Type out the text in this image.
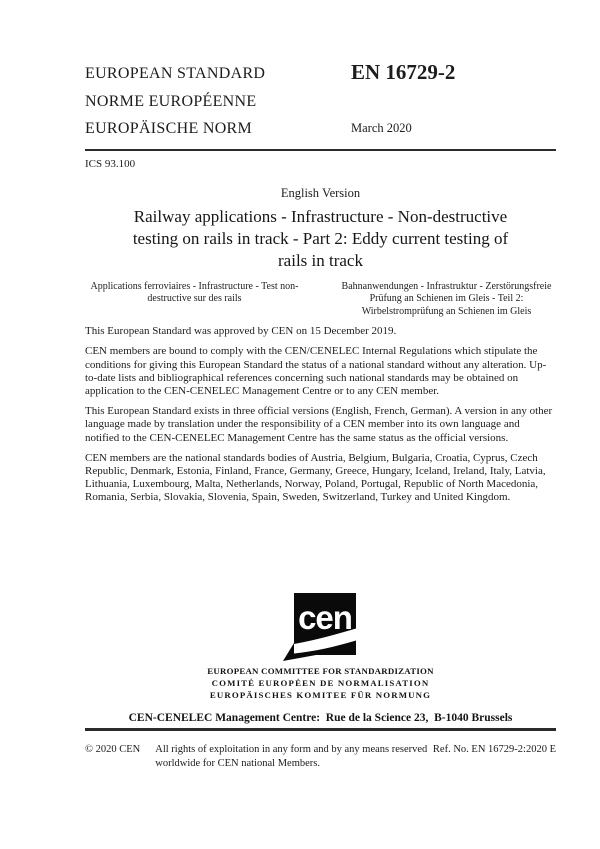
EUROPEAN STANDARD
NORME EUROPÉENNE
EUROPÄISCHE NORM
EN 16729-2
March 2020
ICS 93.100
English Version
Railway applications - Infrastructure - Non-destructive
testing on rails in track - Part 2: Eddy current testing of
rails in track
Applications ferroviaires - Infrastructure - Test non-
destructive sur des rails
Bahnanwendungen - Infrastruktur - Zerstörungsfreie
Prüfung an Schienen im Gleis - Teil 2:
Wirbelstromprüfung an Schienen im Gleis
This European Standard was approved by CEN on 15 December 2019.
CEN members are bound to comply with the CEN/CENELEC Internal Regulations which stipulate the conditions for giving this European Standard the status of a national standard without any alteration. Up-to-date lists and bibliographical references concerning such national standards may be obtained on application to the CEN-CENELEC Management Centre or to any CEN member.
This European Standard exists in three official versions (English, French, German). A version in any other language made by translation under the responsibility of a CEN member into its own language and notified to the CEN-CENELEC Management Centre has the same status as the official versions.
CEN members are the national standards bodies of Austria, Belgium, Bulgaria, Croatia, Cyprus, Czech Republic, Denmark, Estonia, Finland, France, Germany, Greece, Hungary, Iceland, Ireland, Italy, Latvia, Lithuania, Luxembourg, Malta, Netherlands, Norway, Poland, Portugal, Republic of North Macedonia, Romania, Serbia, Slovakia, Slovenia, Spain, Sweden, Switzerland, Turkey and United Kingdom.
cen
EUROPEAN COMMITTEE FOR STANDARDIZATION
COMITÉ EUROPÉEN DE NORMALISATION
EUROPÄISCHES KOMITEE FÜR NORMUNG
CEN-CENELEC Management Centre:  Rue de la Science 23,  B-1040 Brussels
© 2020 CEN All rights of exploitation in any form and by any means reserved
worldwide for CEN national Members.
Ref. No. EN 16729-2:2020 E
